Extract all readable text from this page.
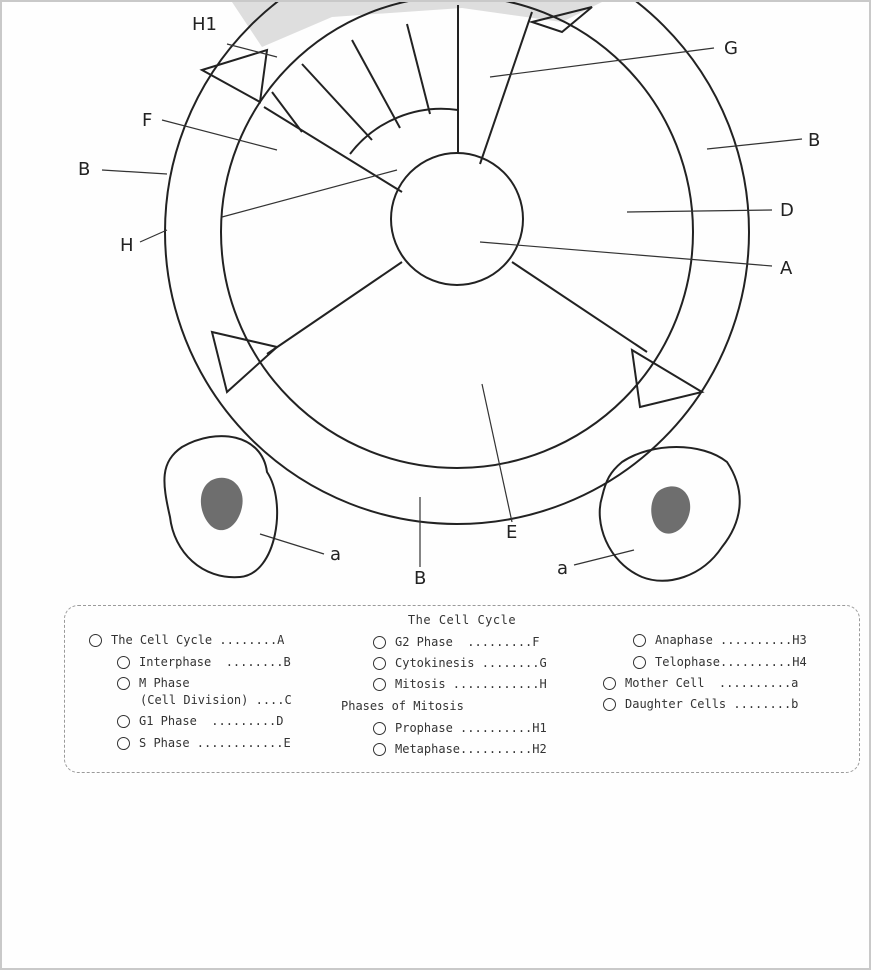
H1
G
F
B
B
D
A
H
E
B
a
a
The Cell Cycle
The Cell Cycle ........A
Interphase  ........B
M Phase
(Cell Division) ....C
G1 Phase  .........D
S Phase ............E
G2 Phase  .........F
Cytokinesis ........G
Mitosis ............H
Phases of Mitosis
Prophase ..........H1
Metaphase..........H2
Anaphase ..........H3
Telophase..........H4
Mother Cell  ..........a
Daughter Cells ........b
